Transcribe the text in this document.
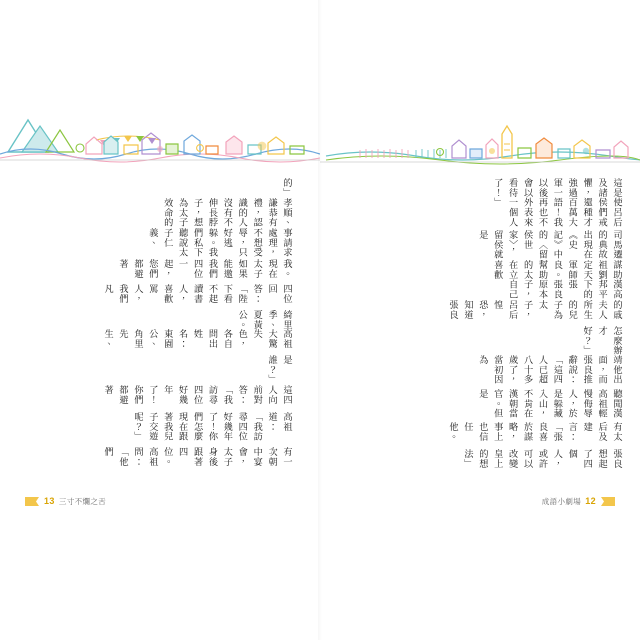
的」
孝順、謙恭有禮，認識的人沒有不伸長脖子，想為太子效命的
事請求處理，不想受辱，只好逃躲。我們私下聽說太子仁義、
我。現在太子如果能邀我們四位一起，您們都避著
四位回答：「陛下看不起讀書人，喜歡罵人，我們凡
綺里季、夏黃公。
高祖大驚失色，各自問出姓名：東園公、角里先生、
是誰？」
這四人向前對答：「我訪尋四位好幾年了！你們都避著
高祖道：「我訪尋四位好幾年了！你們怎麼現在跟著我兒子交遊呢？」
有一次朝中宴會，太子身後跟著四位。高祖問：「他們
13 三寸不爛之舌
這是使呂后及諸侯們戒懼，還種才強過百萬大軍一語！我以後再也不會以外表來看待一個人了！」
司馬遷的典故出現在《史記》中的〈留侯世家〉，留侯就是
謀助漢高祖劉邦平定天下的軍師張良。張良幫助原本的太子，在立自己喜歡
的戚夫人所生的兒子為太子，呂后惶恐，知道張良
怎麼辦才好？」
靖他出面，而張良推辭說：「這四人已超八十多歲了，當初因為
聽聞漢高祖輕慢侮辱人，於是躲藏入山，不肯在漢朝當官。但是
有太后及建言：「張良喜於謀略，事上也信任他。
張良想起了四個人，或許可以改變皇上的想法」
成語小劇場 12
